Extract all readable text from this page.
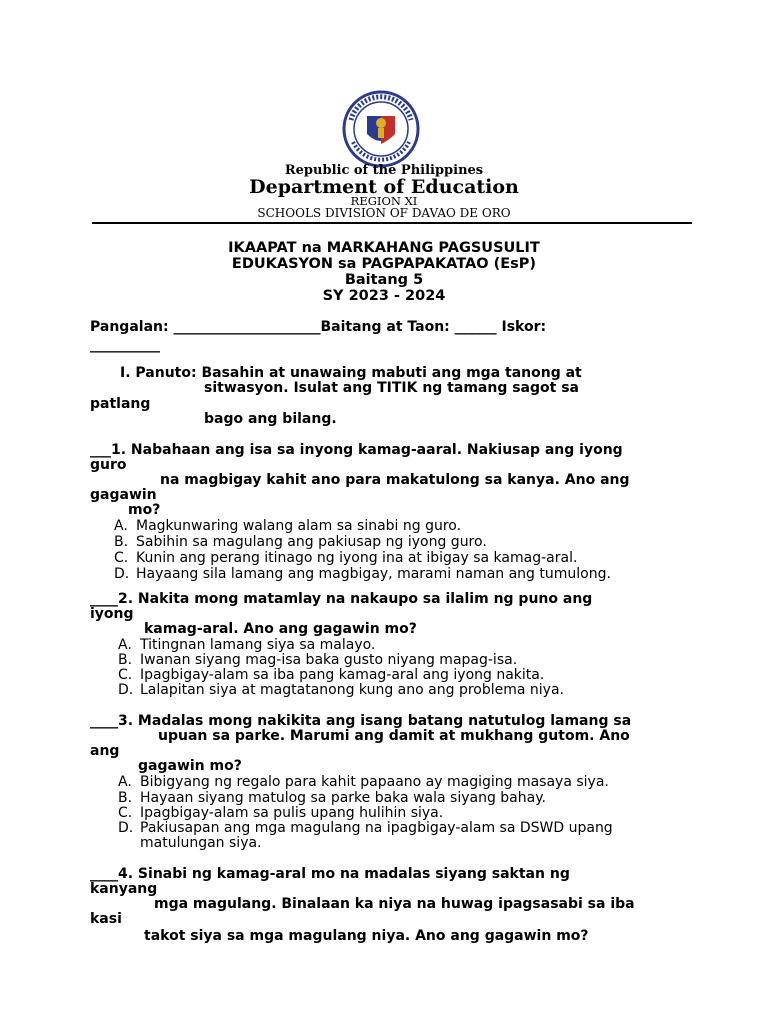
Republic of the Philippines
Department of Education
REGION XI
SCHOOLS DIVISION OF DAVAO DE ORO
IKAAPAT na MARKAHANG PAGSUSULIT
EDUKASYON sa PAGPAPAKATAO (EsP)
Baitang 5
SY 2023 - 2024
Pangalan: _____________________Baitang at Taon: ______ Iskor:
__________
I. Panuto: Basahin at unawaing mabuti ang mga tanong at
sitwasyon. Isulat ang TITIK ng tamang sagot sa
patlang
bago ang bilang.
___1. Nabahaan ang isa sa inyong kamag-aaral. Nakiusap ang iyong
guro
na magbigay kahit ano para makatulong sa kanya. Ano ang
gagawin
mo?
A. Magkunwaring walang alam sa sinabi ng guro.
B. Sabihin sa magulang ang pakiusap ng iyong guro.
C. Kunin ang perang itinago ng iyong ina at ibigay sa kamag-aral.
D. Hayaang sila lamang ang magbigay, marami naman ang tumulong.
____2. Nakita mong matamlay na nakaupo sa ilalim ng puno ang
iyong
kamag-aral. Ano ang gagawin mo?
A. Titingnan lamang siya sa malayo.
B. Iwanan siyang mag-isa baka gusto niyang mapag-isa.
C. Ipagbigay-alam sa iba pang kamag-aral ang iyong nakita.
D. Lalapitan siya at magtatanong kung ano ang problema niya.
____3. Madalas mong nakikita ang isang batang natutulog lamang sa
upuan sa parke. Marumi ang damit at mukhang gutom. Ano
ang
gagawin mo?
A. Bibigyang ng regalo para kahit papaano ay magiging masaya siya.
B. Hayaan siyang matulog sa parke baka wala siyang bahay.
C. Ipagbigay-alam sa pulis upang hulihin siya.
D. Pakiusapan ang mga magulang na ipagbigay-alam sa DSWD upang
matulungan siya.
____4. Sinabi ng kamag-aral mo na madalas siyang saktan ng
kanyang
mga magulang. Binalaan ka niya na huwag ipagsasabi sa iba
kasi
takot siya sa mga magulang niya. Ano ang gagawin mo?
